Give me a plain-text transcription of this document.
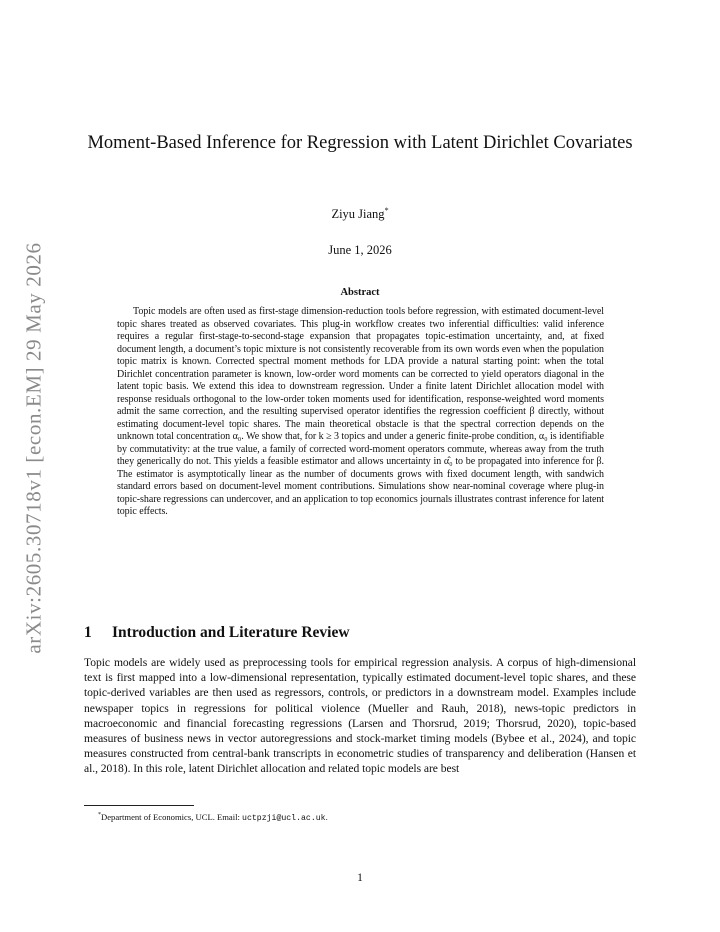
arXiv:2605.30718v1 [econ.EM] 29 May 2026
Moment-Based Inference for Regression with Latent Dirichlet Covariates
Ziyu Jiang*
June 1, 2026
Abstract

Topic models are often used as first-stage dimension-reduction tools before regression, with estimated document-level topic shares treated as observed covariates. This plug-in workflow creates two inferential difficulties: valid inference requires a regular first-stage-to-second-stage expansion that propagates topic-estimation uncertainty, and, at fixed document length, a document’s topic mixture is not consistently recoverable from its own words even when the population topic matrix is known. Corrected spectral moment methods for LDA provide a natural starting point: when the total Dirichlet concentration parameter is known, low-order word moments can be corrected to yield operators diagonal in the latent topic basis. We extend this idea to downstream regression. Under a finite latent Dirichlet allocation model with response residuals orthogonal to the low-order token moments used for identification, response-weighted word moments admit the same correction, and the resulting supervised operator identifies the regression coefficient β directly, without estimating document-level topic shares. The main theoretical obstacle is that the spectral correction depends on the unknown total concentration α₀. We show that, for k ≥ 3 topics and under a generic finite-probe condition, α₀ is identifiable by commutativity: at the true value, a family of corrected word-moment operators commute, whereas away from the truth they generically do not. This yields a feasible estimator and allows uncertainty in α̂₀ to be propagated into inference for β. The estimator is asymptotically linear as the number of documents grows with fixed document length, with sandwich standard errors based on document-level moment contributions. Simulations show near-nominal coverage where plug-in topic-share regressions can undercover, and an application to top economics journals illustrates contrast inference for latent topic effects.

1 Introduction and Literature Review

Topic models are widely used as preprocessing tools for empirical regression analysis. A corpus of high-dimensional text is first mapped into a low-dimensional representation, typically estimated document-level topic shares, and these topic-derived variables are then used as regressors, controls, or predictors in a downstream model. Examples include newspaper topics in regressions for political violence (Mueller and Rauh, 2018), news-topic predictors in macroeconomic and financial forecasting regressions (Larsen and Thorsrud, 2019; Thorsrud, 2020), topic-based measures of business news in vector autoregressions and stock-market timing models (Bybee et al., 2024), and topic measures constructed from central-bank transcripts in econometric studies of transparency and deliberation (Hansen et al., 2018). In this role, latent Dirichlet allocation and related topic models are best

*Department of Economics, UCL. Email: uctpzji@ucl.ac.uk.
1
